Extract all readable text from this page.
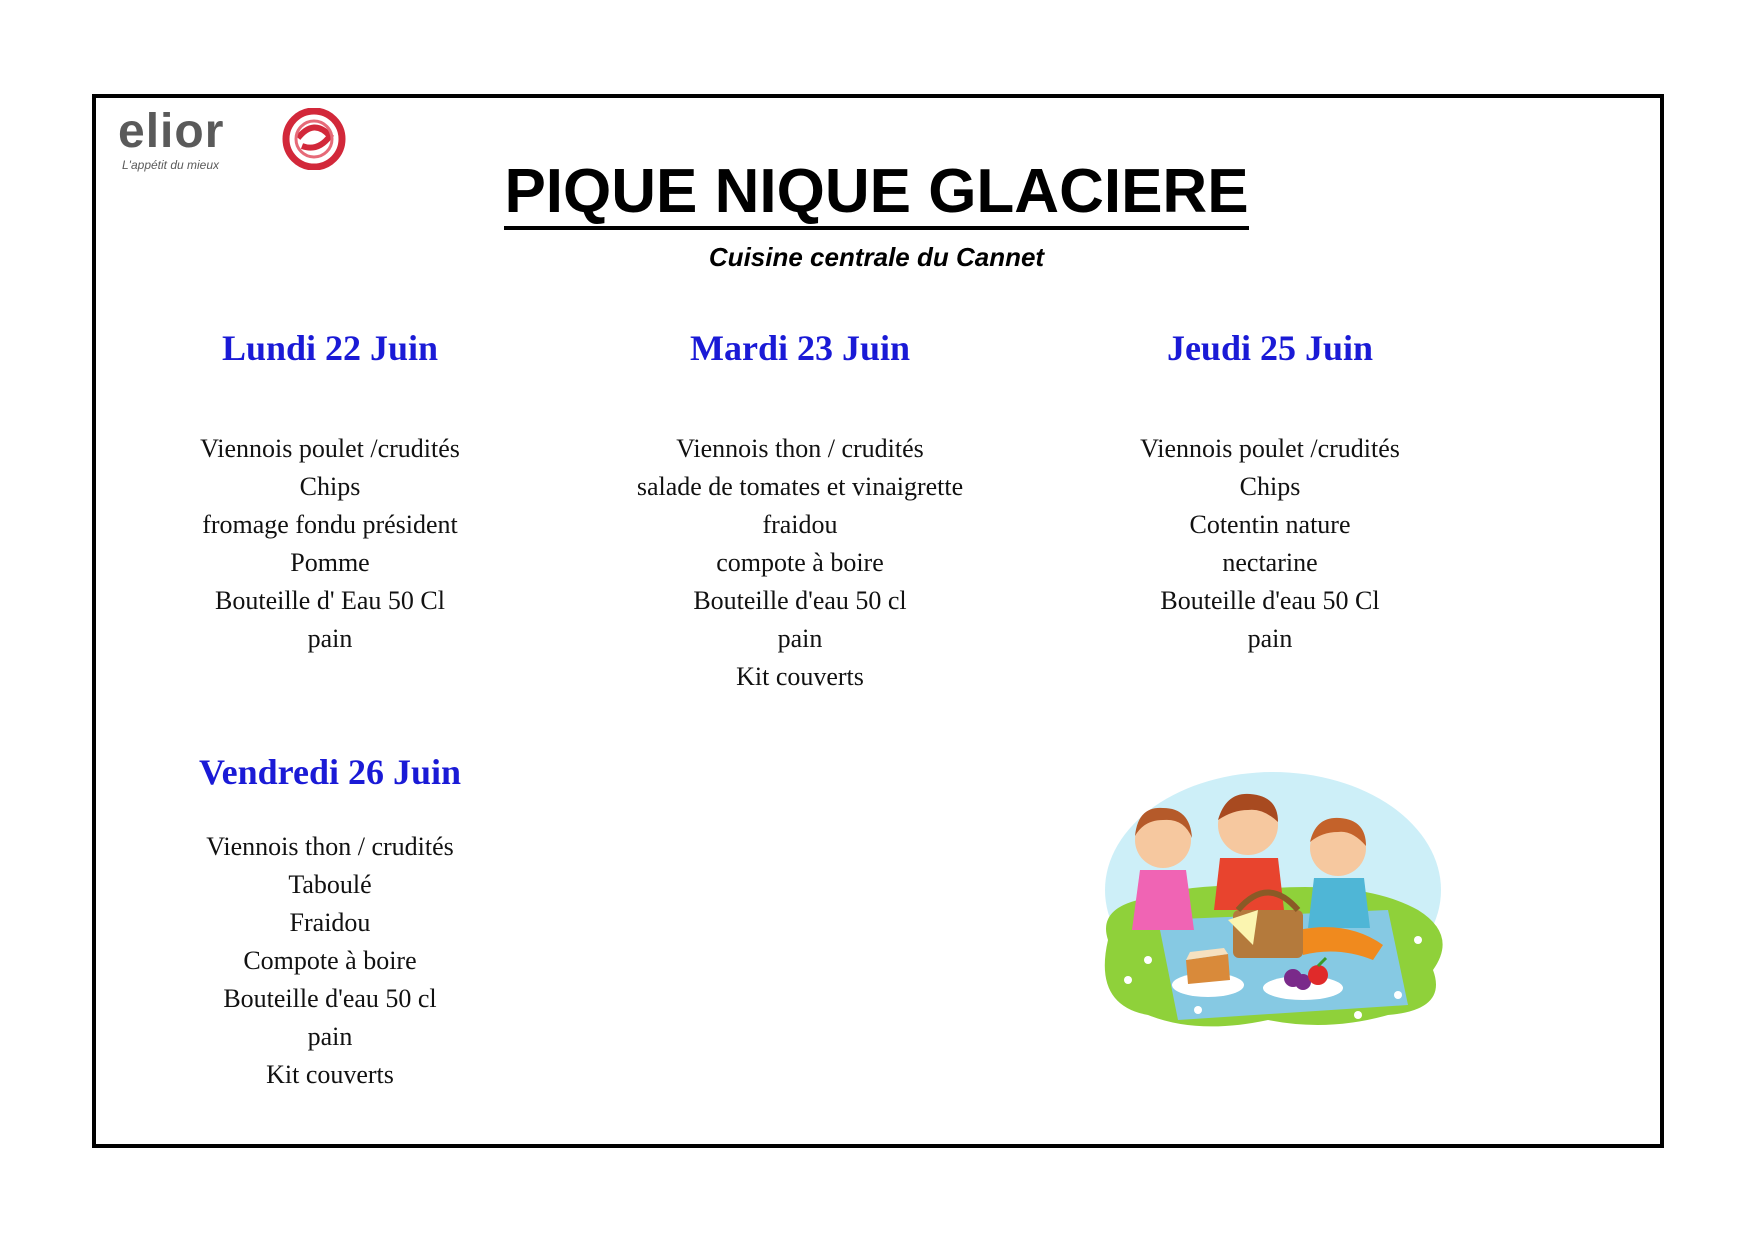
elior
L'appétit du mieux	PIQUE NIQUE GLACIERE
Cuisine centrale du Cannet
Lundi 22 Juin
Viennois poulet /crudités
Chips
fromage fondu président
Pomme
Bouteille d' Eau 50 Cl
pain
Mardi 23 Juin
Viennois thon / crudités
salade de tomates et vinaigrette
fraidou
compote à boire
Bouteille d'eau 50 cl
pain
Kit couverts
Jeudi 25 Juin
Viennois poulet /crudités
Chips
Cotentin nature
nectarine
Bouteille d'eau 50 Cl
pain
Vendredi 26 Juin
Viennois thon / crudités
Taboulé
Fraidou
Compote à boire
Bouteille d'eau 50 cl
pain
Kit couverts
